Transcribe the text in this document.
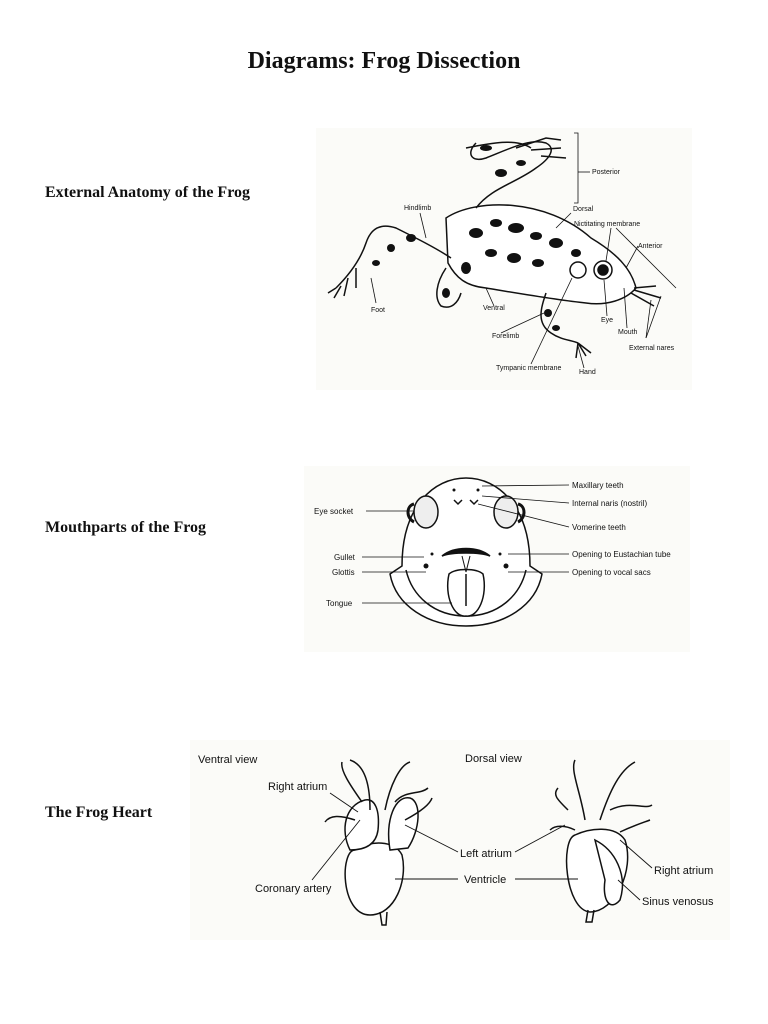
Diagrams: Frog Dissection
External Anatomy of the Frog
Posterior
Dorsal
Hindlimb
Nictitating membrane
Anterior
Foot	Ventral
Forelimb
Eye
Mouth
External nares
Tympanic membrane
Hand
Mouthparts of the Frog
Maxillary teeth
Internal naris (nostril)
Eye socket
Vomerine teeth
Gullet	Opening to Eustachian tube
Glottis	Opening to vocal sacs
Tongue
The Frog Heart
Ventral view	Dorsal view
Right atrium
Left atrium
Coronary artery
Ventricle
Right atrium
Sinus venosus
